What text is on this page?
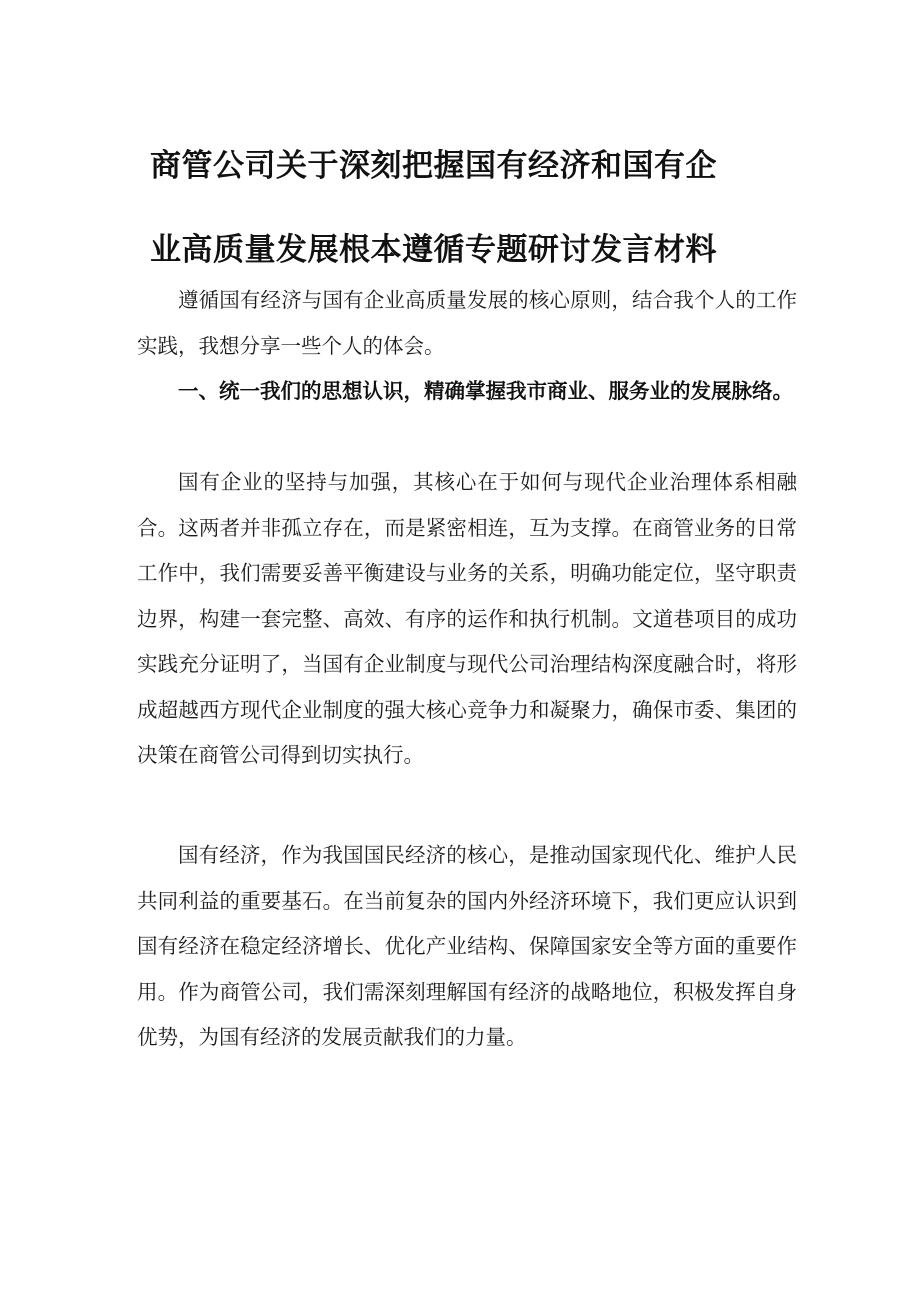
商管公司关于深刻把握国有经济和国有企
业高质量发展根本遵循专题研讨发言材料

遵循国有经济与国有企业高质量发展的核心原则，结合我个人的工作实践，我想分享一些个人的体会。

一、统一我们的思想认识，精确掌握我市商业、服务业的发展脉络。

国有企业的坚持与加强，其核心在于如何与现代企业治理体系相融合。这两者并非孤立存在，而是紧密相连，互为支撑。在商管业务的日常工作中，我们需要妥善平衡建设与业务的关系，明确功能定位，坚守职责边界，构建一套完整、高效、有序的运作和执行机制。文道巷项目的成功实践充分证明了，当国有企业制度与现代公司治理结构深度融合时，将形成超越西方现代企业制度的强大核心竞争力和凝聚力，确保市委、集团的决策在商管公司得到切实执行。

国有经济，作为我国国民经济的核心，是推动国家现代化、维护人民共同利益的重要基石。在当前复杂的国内外经济环境下，我们更应认识到国有经济在稳定经济增长、优化产业结构、保障国家安全等方面的重要作用。作为商管公司，我们需深刻理解国有经济的战略地位，积极发挥自身优势，为国有经济的发展贡献我们的力量。
